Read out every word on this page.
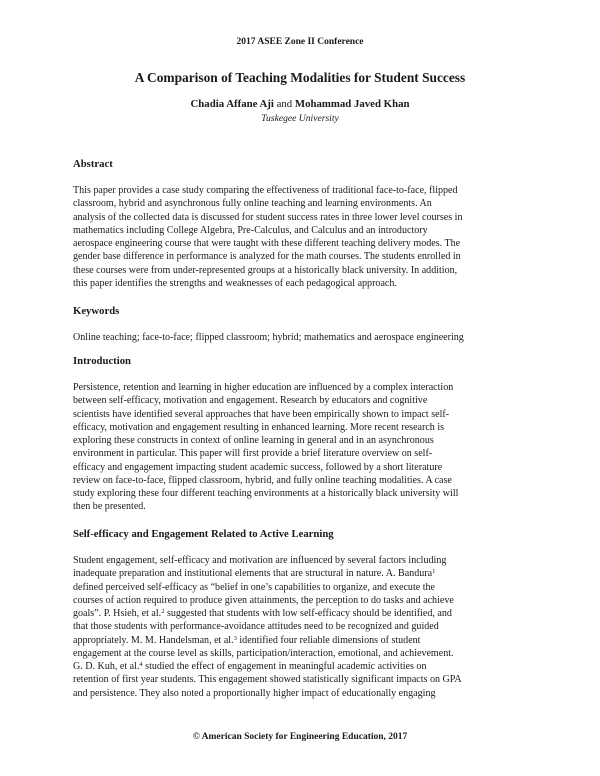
2017 ASEE Zone II Conference
A Comparison of Teaching Modalities for Student Success
Chadia Affane Aji and Mohammad Javed Khan
Tuskegee University
Abstract
This paper provides a case study comparing the effectiveness of traditional face-to-face, flipped
classroom, hybrid and asynchronous fully online teaching and learning environments. An
analysis of the collected data is discussed for student success rates in three lower level courses in
mathematics including College Algebra, Pre-Calculus, and Calculus and an introductory
aerospace engineering course that were taught with these different teaching delivery modes. The
gender base difference in performance is analyzed for the math courses. The students enrolled in
these courses were from under-represented groups at a historically black university. In addition,
this paper identifies the strengths and weaknesses of each pedagogical approach.
Keywords
Online teaching; face-to-face; flipped classroom; hybrid; mathematics and aerospace engineering
Introduction
Persistence, retention and learning in higher education are influenced by a complex interaction
between self-efficacy, motivation and engagement. Research by educators and cognitive
scientists have identified several approaches that have been empirically shown to impact self-
efficacy, motivation and engagement resulting in enhanced learning. More recent research is
exploring these constructs in context of online learning in general and in an asynchronous
environment in particular. This paper will first provide a brief literature overview on self-
efficacy and engagement impacting student academic success, followed by a short literature
review on face-to-face, flipped classroom, hybrid, and fully online teaching modalities. A case
study exploring these four different teaching environments at a historically black university will
then be presented.
Self-efficacy and Engagement Related to Active Learning
Student engagement, self-efficacy and motivation are influenced by several factors including
inadequate preparation and institutional elements that are structural in nature. A. Bandura$^1$
defined perceived self-efficacy as “belief in one’s capabilities to organize, and execute the
courses of action required to produce given attainments, the perception to do tasks and achieve
goals”. P. Hsieh, et al.$^2$ suggested that students with low self-efficacy should be identified, and
that those students with performance-avoidance attitudes need to be recognized and guided
appropriately. M. M. Handelsman, et al.$^3$ identified four reliable dimensions of student
engagement at the course level as skills, participation/interaction, emotional, and achievement.
G. D. Kuh, et al.$^4$ studied the effect of engagement in meaningful academic activities on
retention of first year students. This engagement showed statistically significant impacts on GPA
and persistence. They also noted a proportionally higher impact of educationally engaging
© American Society for Engineering Education, 2017
